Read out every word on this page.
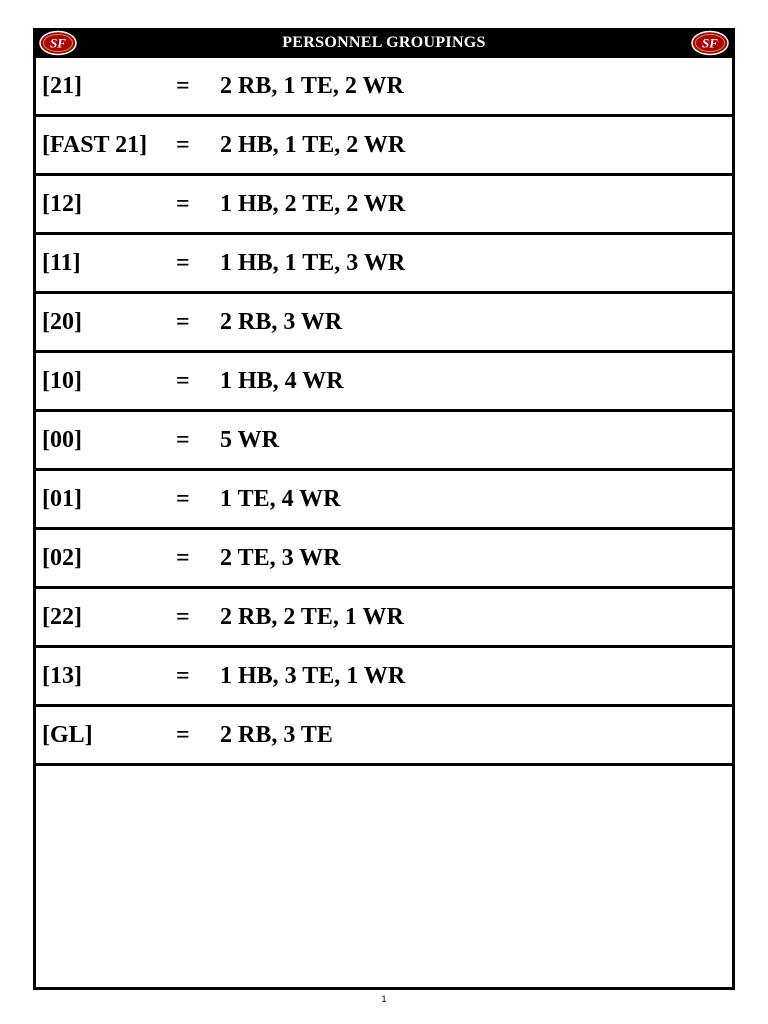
SF	PERSONNEL GROUPINGS	SF
[21]	= 2 RB, 1 TE, 2 WR
[FAST 21] = 2 HB, 1 TE, 2 WR
[12]	= 1 HB, 2 TE, 2 WR
[11]	= 1 HB, 1 TE, 3 WR
[20]	= 2 RB, 3 WR
[10]	= 1 HB, 4 WR
[00]	= 5 WR
[01]	= 1 TE, 4 WR
[02]	= 2 TE, 3 WR
[22]	= 2 RB, 2 TE, 1 WR
[13]	= 1 HB, 3 TE, 1 WR
[GL]	= 2 RB, 3 TE
1
